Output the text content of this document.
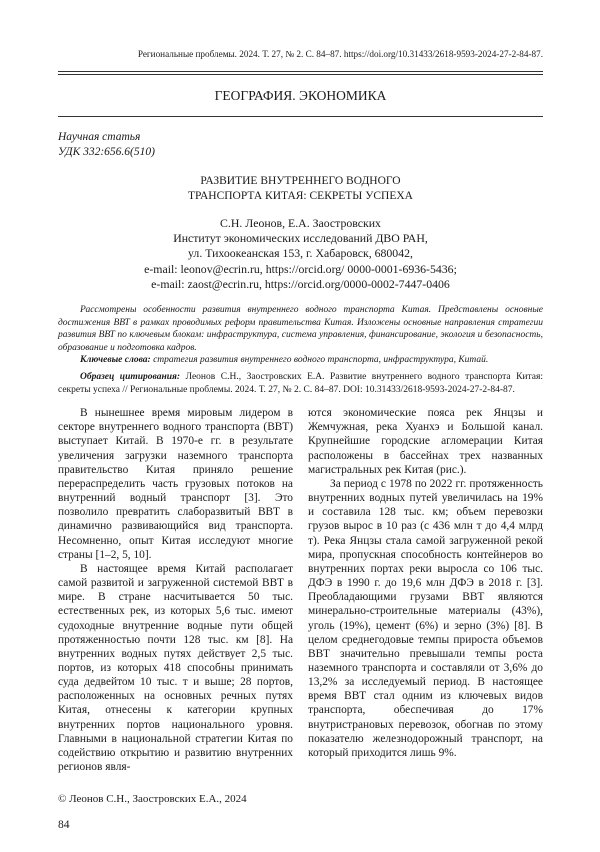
Региональные проблемы. 2024. Т. 27, № 2. С. 84–87. https://doi.org/10.31433/2618-9593-2024-27-2-84-87.
ГЕОГРАФИЯ. ЭКОНОМИКА
Научная статья
УДК 332:656.6(510)
РАЗВИТИЕ ВНУТРЕННЕГО ВОДНОГО
ТРАНСПОРТА КИТАЯ: СЕКРЕТЫ УСПЕХА
С.Н. Леонов, Е.А. Заостровских
Институт экономических исследований ДВО РАН,
ул. Тихоокеанская 153, г. Хабаровск, 680042,
e-mail: leonov@ecrin.ru, https://orcid.org/ 0000-0001-6936-5436;
e-mail: zaost@ecrin.ru, https://orcid.org/0000-0002-7447-0406

Рассмотрены особенности развития внутреннего водного транспорта Китая. Представлены основные достижения ВВТ в рамках проводимых реформ правительства Китая. Изложены основные направления стратегии развития ВВТ по ключевым блокам: инфраструктура, система управления, финансирование, экология и безопасность, образование и подготовка кадров.

Ключевые слова: стратегия развития внутреннего водного транспорта, инфраструктура, Китай.

Образец цитирования: Леонов С.Н., Заостровских Е.А. Развитие внутреннего водного транспорта Китая: секреты успеха // Региональные проблемы. 2024. Т. 27, № 2. С. 84–87. DOI: 10.31433/2618-9593-2024-27-2-84-87.

В нынешнее время мировым лидером в секторе внутреннего водного транспорта (ВВТ) выступает Китай. В 1970-е гг. в результате увеличения загрузки наземного транспорта правительство Китая приняло решение перераспределить часть грузовых потоков на внутренний водный транспорт [3]. Это позволило превратить слаборазвитый ВВТ в динамично развивающийся вид транспорта. Несомненно, опыт Китая исследуют многие страны [1–2, 5, 10].

В настоящее время Китай располагает самой развитой и загруженной системой ВВТ в мире. В стране насчитывается 50 тыс. естественных рек, из которых 5,6 тыс. имеют судоходные внутренние водные пути общей протяженностью почти 128 тыс. км [8]. На внутренних водных путях действует 2,5 тыс. портов, из которых 418 способны принимать суда дедвейтом 10 тыс. т и выше; 28 портов, расположенных на основных речных путях Китая, отнесены к категории крупных внутренних портов национального уровня. Главными в национальной стратегии Китая по содействию открытию и развитию внутренних регионов явля-

ются экономические пояса рек Янцзы и Жемчужная, река Хуанхэ и Большой канал. Крупнейшие городские агломерации Китая расположены в бассейнах трех названных магистральных рек Китая (рис.).

За период с 1978 по 2022 гг. протяженность внутренних водных путей увеличилась на 19% и составила 128 тыс. км; объем перевозки грузов вырос в 10 раз (с 436 млн т до 4,4 млрд т). Река Янцзы стала самой загруженной рекой мира, пропускная способность контейнеров во внутренних портах реки выросла со 106 тыс. ДФЭ в 1990 г. до 19,6 млн ДФЭ в 2018 г. [3]. Преобладающими грузами ВВТ являются минерально-строительные материалы (43%), уголь (19%), цемент (6%) и зерно (3%) [8]. В целом среднегодовые темпы прироста объемов ВВТ значительно превышали темпы роста наземного транспорта и составляли от 3,6% до 13,2% за исследуемый период. В настоящее время ВВТ стал одним из ключевых видов транспорта, обеспечивая до 17% внутристрановых перевозок, обогнав по этому показателю железнодорожный транспорт, на который приходится лишь 9%.

© Леонов С.Н., Заостровских Е.А., 2024
84
